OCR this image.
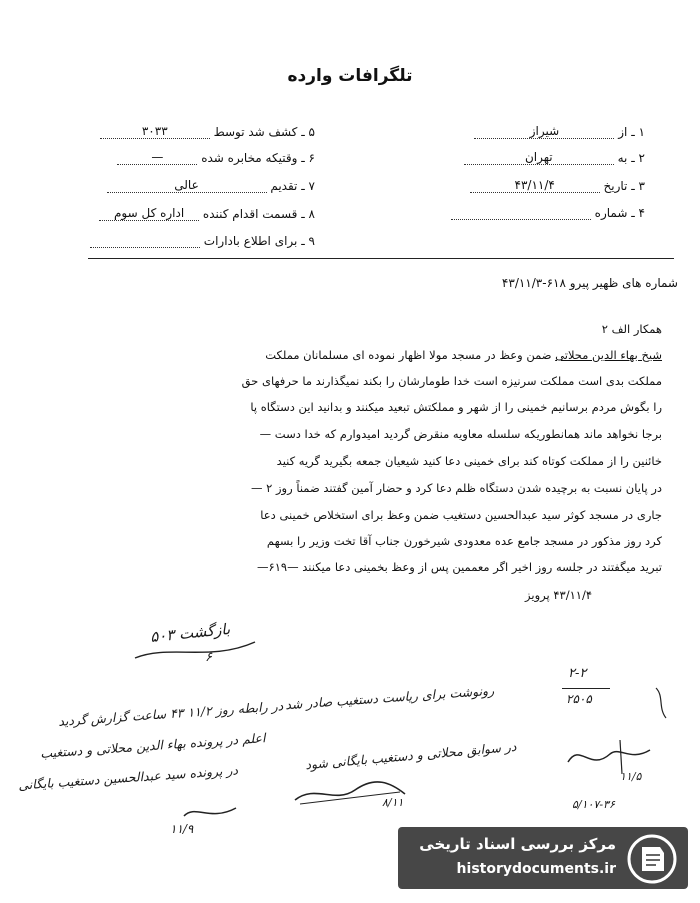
تلگرافات وارده
۱ ـ از شیراز
۲ ـ به تهران
۳ ـ تاریخ ۴۳/۱۱/۴
۴ ـ شماره
۵ ـ کشف شد توسط ۳۰۳۳
۶ ـ وقتیکه مخابره شده —
۷ ـ تقدیم عالی
۸ ـ قسمت اقدام کننده اداره کل سوم
۹ ـ برای اطلاع بادارات
شماره های ظهیر پیرو ۶۱۸-۴۳/۱۱/۳
همکار الف ۲
شیخ بهاء الدین محلاتی ضمن وعظ در مسجد مولا اظهار نموده ای مسلمانان مملکت
مملکت بدی است مملکت سرنیزه است خدا طومارشان را بکند نمیگذارند ما حرفهای حق
را بگوش مردم برسانیم خمینی را از شهر و مملکتش تبعید میکنند و بدانید این دستگاه پا
برجا نخواهد ماند همانطوریکه سلسله معاویه منقرض گردید امیدوارم که خدا دست —
خائنین را از مملکت کوتاه کند برای خمینی دعا کنید شیعیان جمعه بگیرید گریه کنید
در پایان نسبت به برچیده شدن دستگاه ظلم دعا کرد و حضار آمین گفتند ضمناً روز ۲ —
جاری در مسجد کوثر سید عبدالحسین دستغیب ضمن وعظ برای استخلاص خمینی دعا
کرد روز مذکور در مسجد جامع عده معدودی شیرخورن جناب آقا تخت وزیر را بسهم
تبرید میگفتند در جلسه روز اخیر اگر معممین پس از وعظ بخمینی دعا میکنند —۶۱۹—
۴۳/۱۱/۴ پرویز
بازگشت ۵۰۳
۶
رونوشت برای ریاست دستغیب صادر شد
در سوابق محلاتی و دستغیب بایگانی شود
۸/۱۱
در رابطه روز ۱۱/۲ ۴۳ ساعت گزارش گردید
اعلم در پرونده بهاء الدین محلاتی و دستغیب
در پرونده سید عبدالحسین دستغیب بایگانی
۱۱/۹
۲-۲
۲۵۰۵
۱۱/۵
۵/۱۰۷-۳۶
مرکز بررسی اسناد تاریخی
historydocuments.ir
